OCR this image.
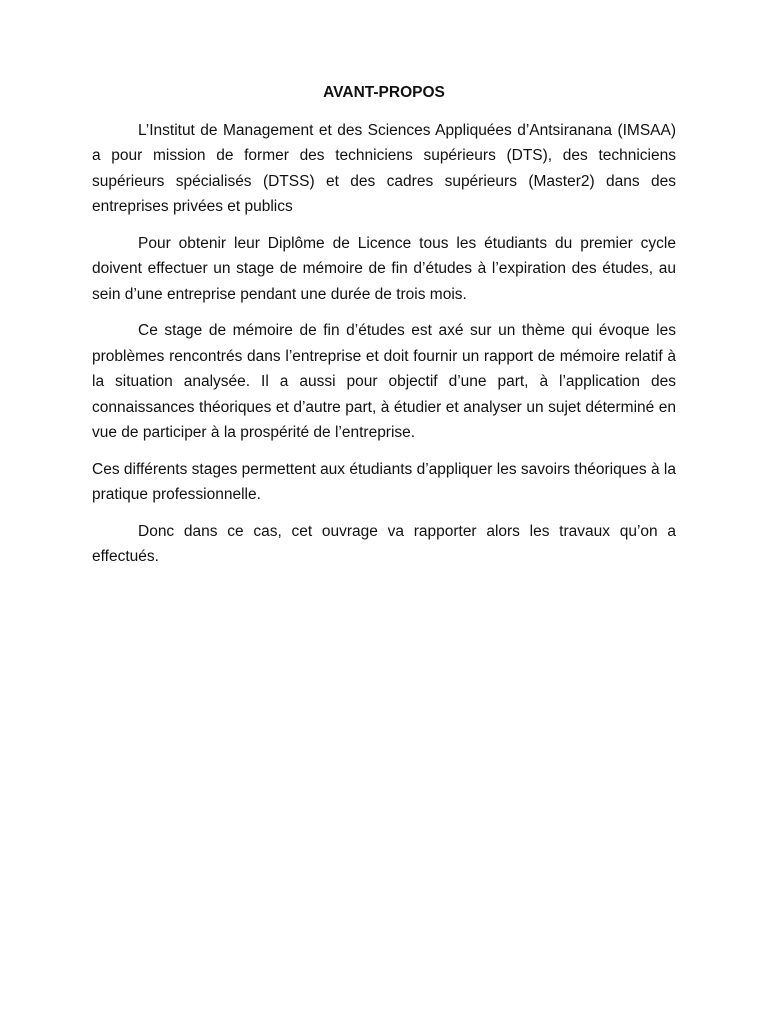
AVANT-PROPOS

L’Institut de Management et des Sciences Appliquées d’Antsiranana (IMSAA) a pour mission de former des techniciens supérieurs (DTS), des techniciens supérieurs spécialisés (DTSS) et des cadres supérieurs (Master2) dans des entreprises privées et publics

Pour obtenir leur Diplôme de Licence tous les étudiants du premier cycle doivent effectuer un stage de mémoire de fin d’études à l’expiration des études, au sein d’une entreprise pendant une durée de trois mois.

Ce stage de mémoire de fin d’études est axé sur un thème qui évoque les problèmes rencontrés dans l’entreprise et doit fournir un rapport de mémoire relatif à la situation analysée. Il a aussi pour objectif d’une part, à l’application des connaissances théoriques et d’autre part, à étudier et analyser un sujet déterminé en vue de participer à la prospérité de l’entreprise.

Ces différents stages permettent aux étudiants d’appliquer les savoirs théoriques à la pratique professionnelle.

Donc dans ce cas, cet ouvrage va rapporter alors les travaux qu’on a effectués.
